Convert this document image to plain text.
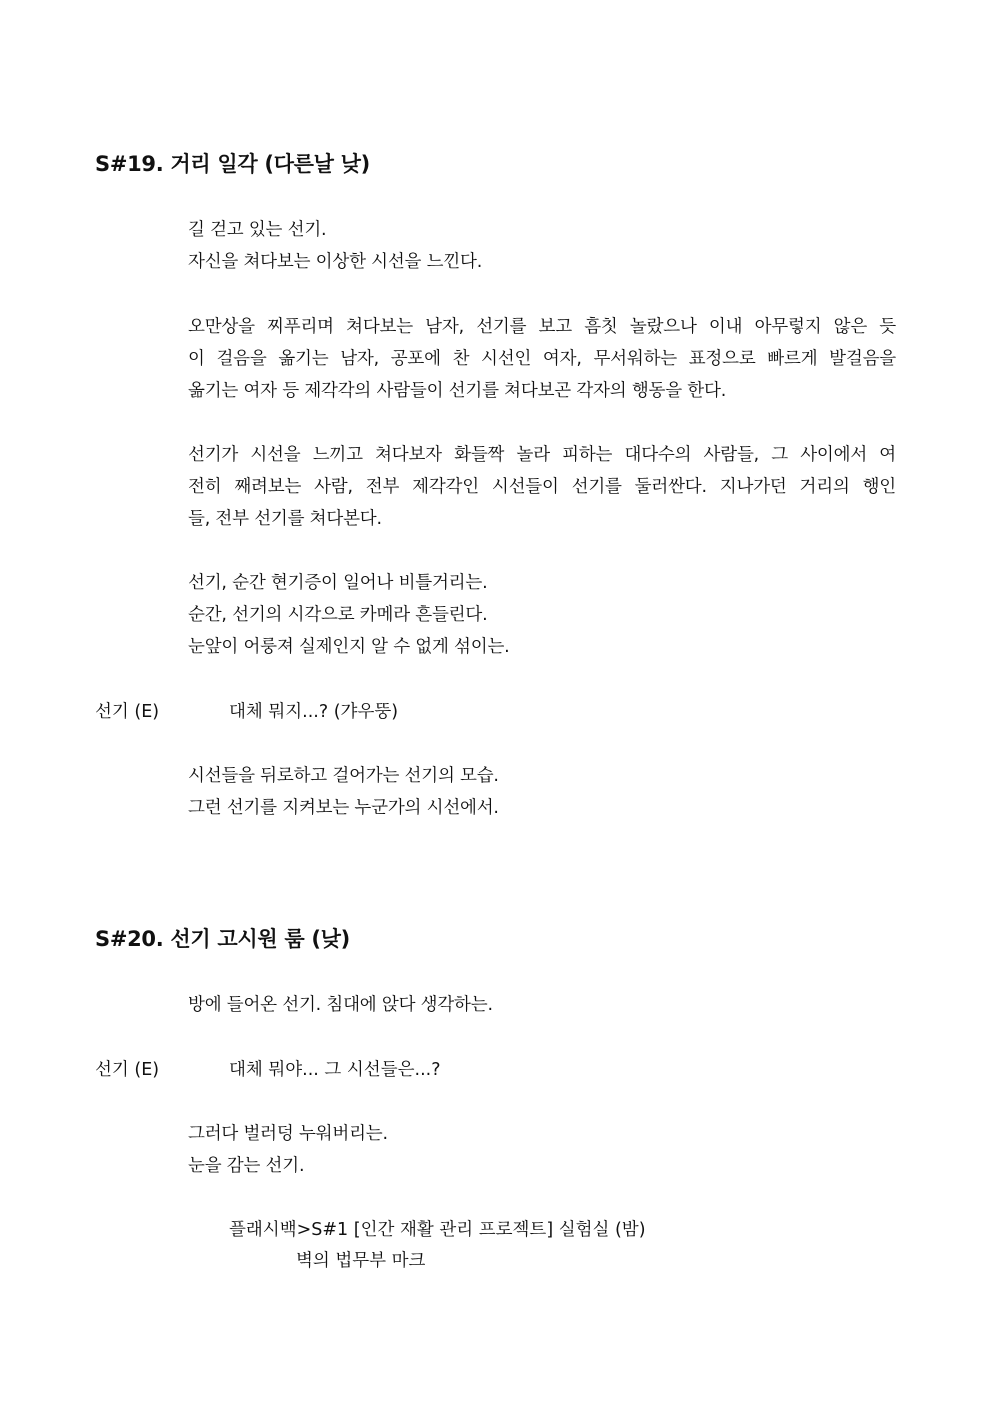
S#19. 거리 일각 (다른날 낮)
길 걷고 있는 선기.
자신을 쳐다보는 이상한 시선을 느낀다.
오만상을 찌푸리며 쳐다보는 남자, 선기를 보고 흠칫 놀랐으나 이내 아무렇지 않은 듯
이 걸음을 옮기는 남자, 공포에 찬 시선인 여자, 무서워하는 표정으로 빠르게 발걸음을
옮기는 여자 등 제각각의 사람들이 선기를 쳐다보곤 각자의 행동을 한다.
선기가 시선을 느끼고 쳐다보자 화들짝 놀라 피하는 대다수의 사람들, 그 사이에서 여
전히 째려보는 사람, 전부 제각각인 시선들이 선기를 둘러싼다. 지나가던 거리의 행인
들, 전부 선기를 쳐다본다.
선기, 순간 현기증이 일어나 비틀거리는.
순간, 선기의 시각으로 카메라 흔들린다.
눈앞이 어룽져 실제인지 알 수 없게 섞이는.
선기 (E)	대체 뭐지...? (갸우뚱)
시선들을 뒤로하고 걸어가는 선기의 모습.
그런 선기를 지켜보는 누군가의 시선에서.
S#20. 선기 고시원 룸 (낮)
방에 들어온 선기. 침대에 앉다 생각하는.
선기 (E)	대체 뭐야... 그 시선들은...?
그러다 벌러덩 누워버리는.
눈을 감는 선기.
플래시백>S#1 [인간 재활 관리 프로젝트] 실험실 (밤)
벽의 법무부 마크
